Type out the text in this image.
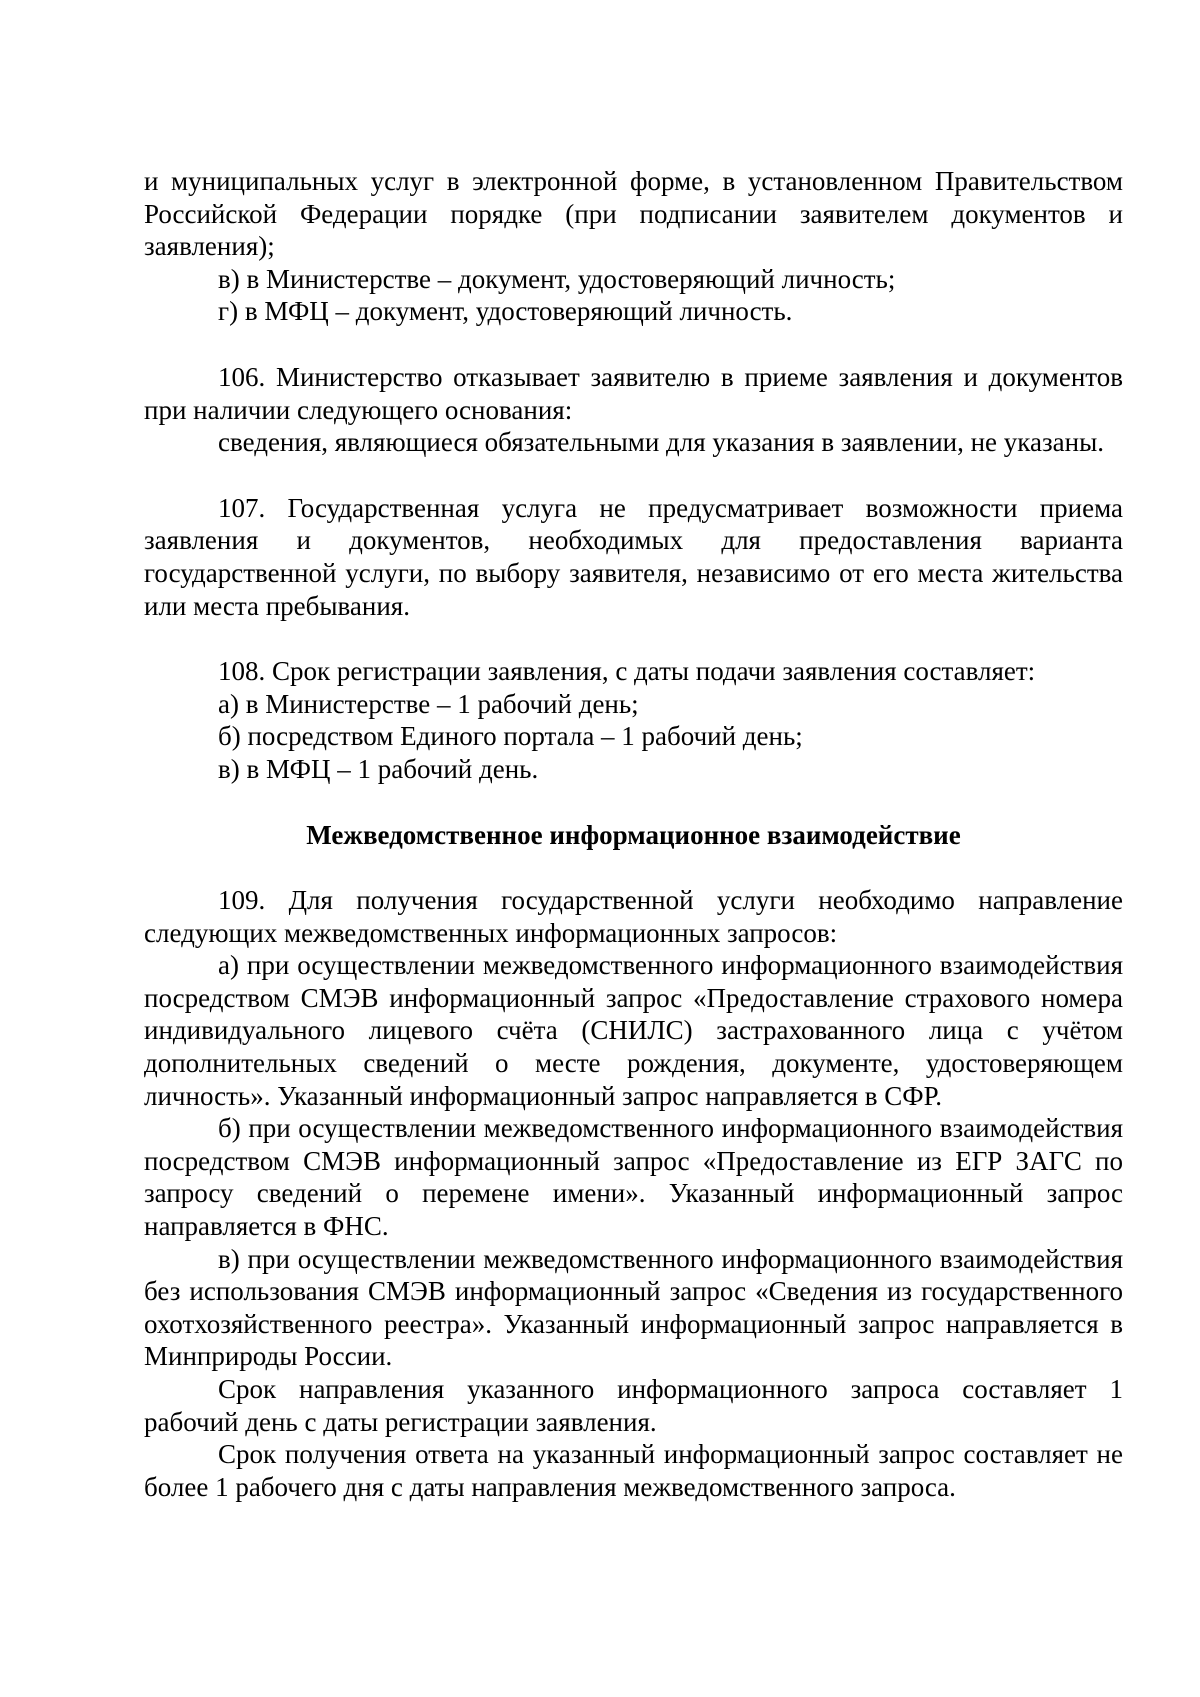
и муниципальных услуг в электронной форме, в установленном Правительством Российской Федерации порядке (при подписании заявителем документов и заявления);

в) в Министерстве – документ, удостоверяющий личность;

г) в МФЦ – документ, удостоверяющий личность.

106. Министерство отказывает заявителю в приеме заявления и документов при наличии следующего основания:

сведения, являющиеся обязательными для указания в заявлении, не указаны.

107. Государственная услуга не предусматривает возможности приема заявления и документов, необходимых для предоставления варианта государственной услуги, по выбору заявителя, независимо от его места жительства или места пребывания.

108. Срок регистрации заявления, с даты подачи заявления составляет:

а) в Министерстве – 1 рабочий день;

б) посредством Единого портала – 1 рабочий день;

в) в МФЦ – 1 рабочий день.

Межведомственное информационное взаимодействие

109. Для получения государственной услуги необходимо направление следующих межведомственных информационных запросов:

а) при осуществлении межведомственного информационного взаимодействия посредством СМЭВ информационный запрос «Предоставление страхового номера индивидуального лицевого счёта (СНИЛС) застрахованного лица с учётом дополнительных сведений о месте рождения, документе, удостоверяющем личность». Указанный информационный запрос направляется в СФР.

б) при осуществлении межведомственного информационного взаимодействия посредством СМЭВ информационный запрос «Предоставление из ЕГР ЗАГС по запросу сведений о перемене имени». Указанный информационный запрос направляется в ФНС.

в) при осуществлении межведомственного информационного взаимодействия без использования СМЭВ информационный запрос «Сведения из государственного охотхозяйственного реестра». Указанный информационный запрос направляется в Минприроды России.

Срок направления указанного информационного запроса составляет 1 рабочий день с даты регистрации заявления.

Срок получения ответа на указанный информационный запрос составляет не более 1 рабочего дня с даты направления межведомственного запроса.
